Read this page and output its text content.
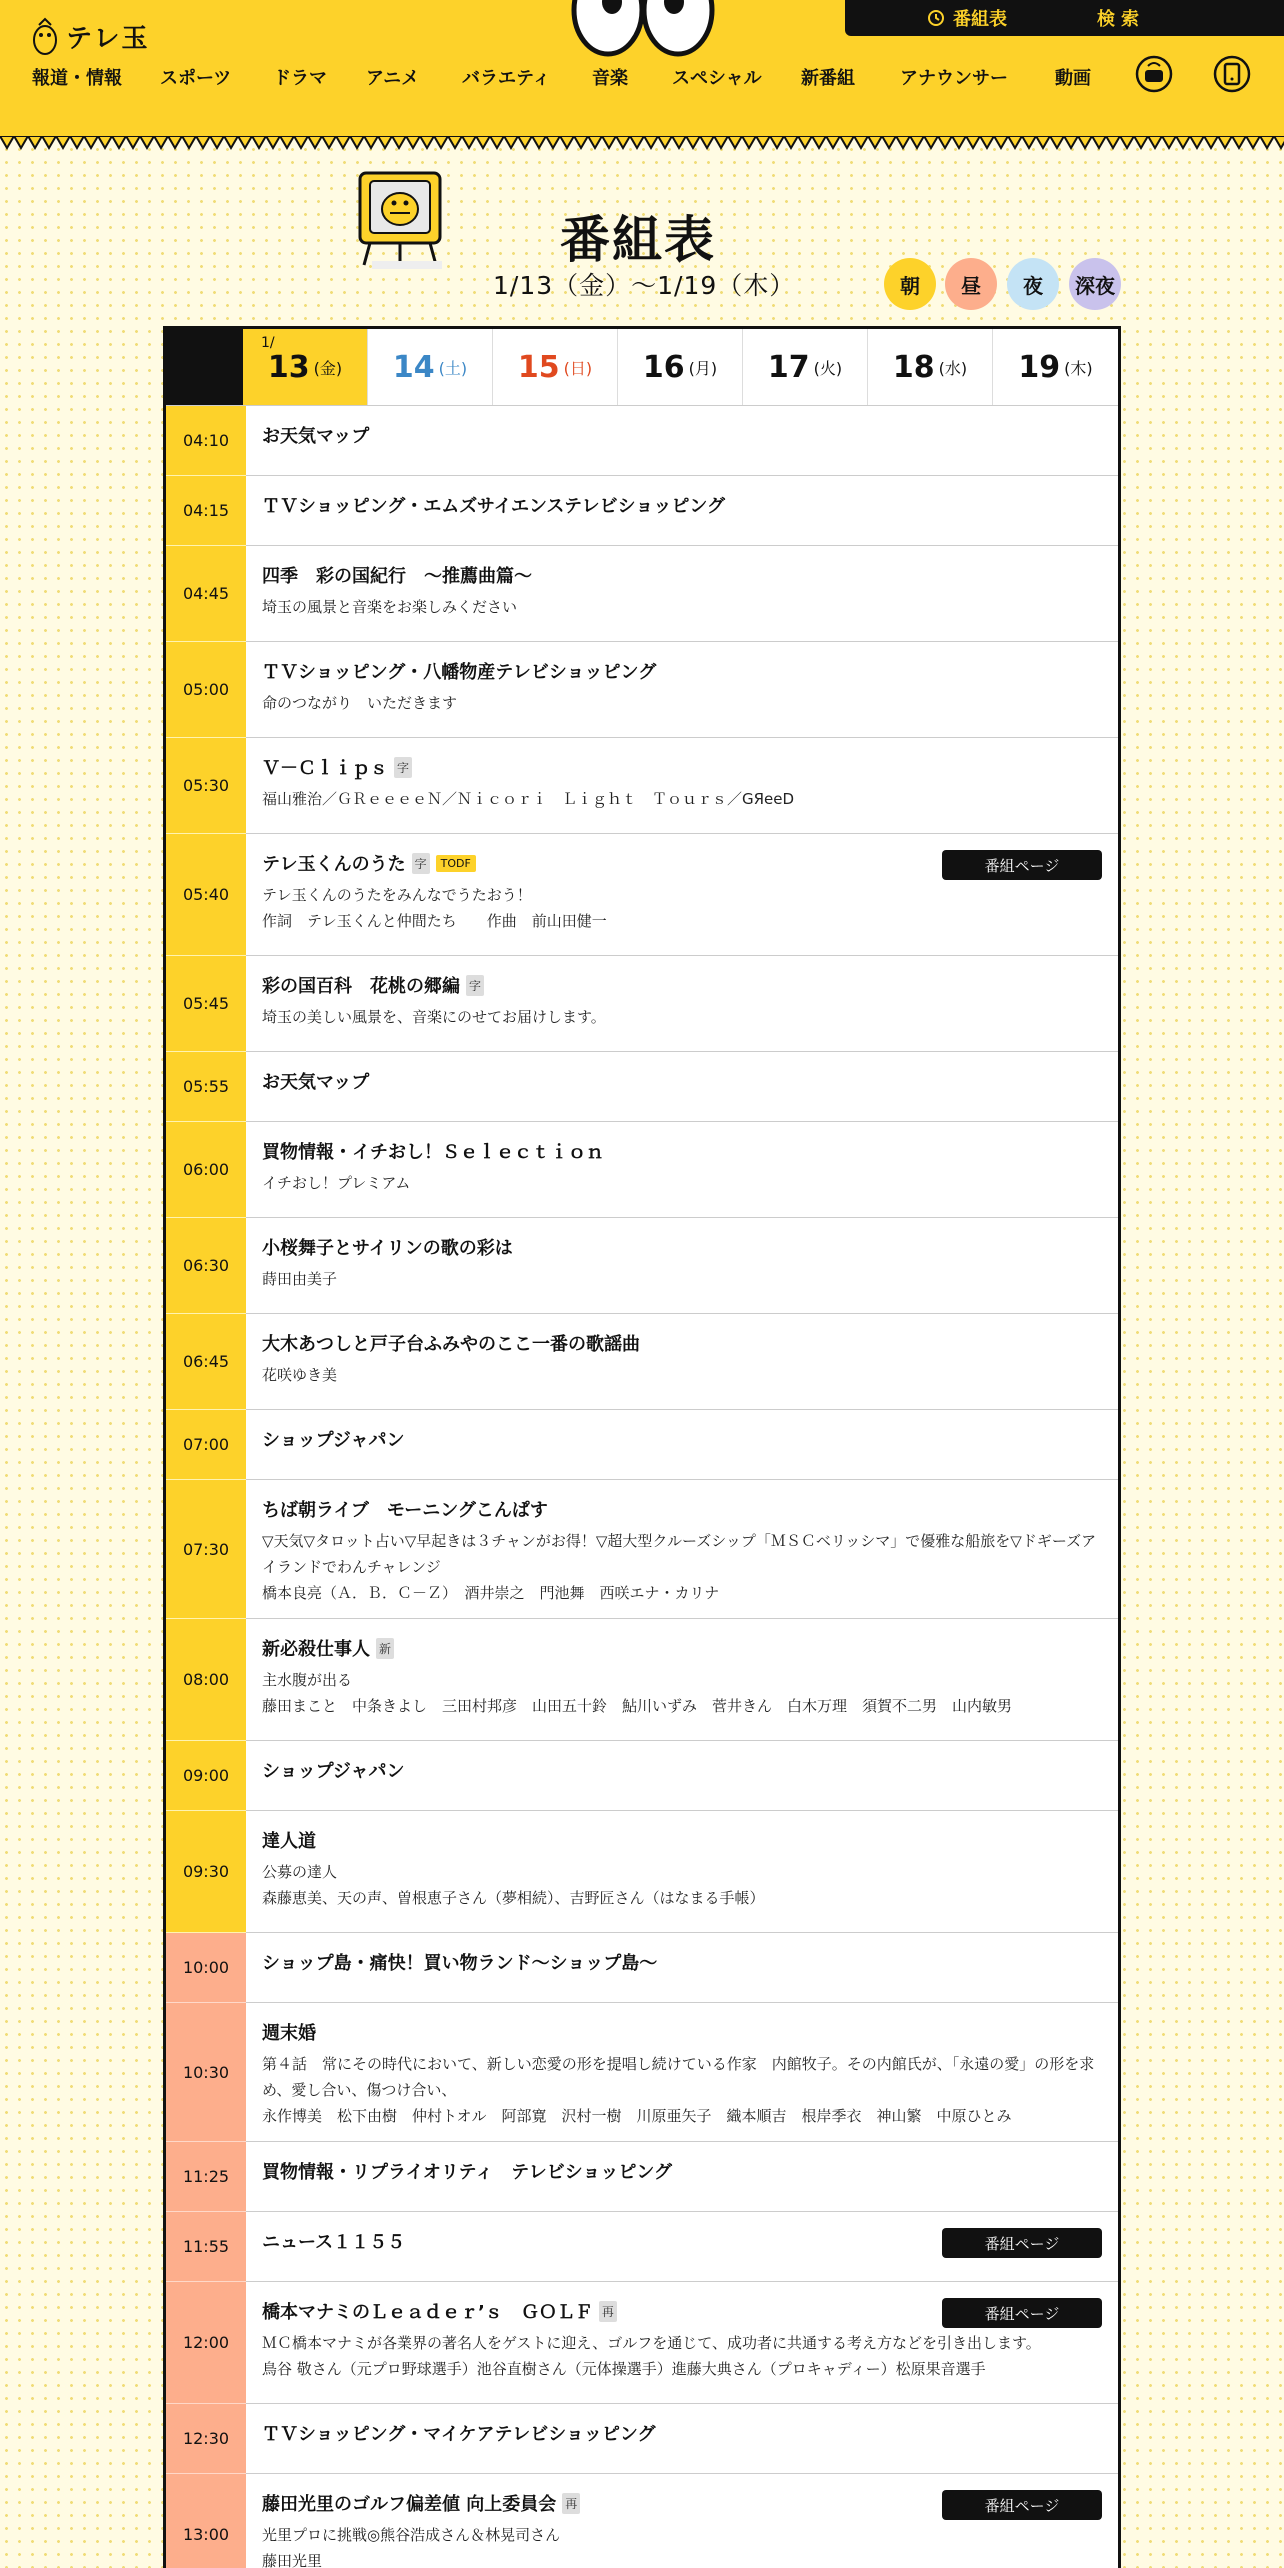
テレ玉
番組表	検索
報道・情報 スポーツ ドラマ アニメ バラエティ 音楽 スペシャル 新番組	アナウンサー	動画
番組表
1/13（金）〜1/19（木）	朝 昼 夜 深夜
1/
13 (金) 14 (土) 15 (日) 16 (月) 17 (火) 18 (水) 19 (木)
04:10	お天気マップ
04:15	ＴＶショッピング・エムズサイエンステレビショッピング
04:45
四季　彩の国紀行　～推薦曲篇～
埼玉の風景と音楽をお楽しみください
05:00
ＴＶショッピング・八幡物産テレビショッピング
命のつながり　いただきます
05:30
Ｖ－Ｃｌｉｐｓ 字
福山雅治／ＧＲｅｅｅｅＮ／Ｎｉｃｏｒｉ　Ｌｉｇｈｔ　Ｔｏｕｒｓ／GЯeeD
05:40
テレ玉くんのうた 字	TODF
テレ玉くんのうたをみんなでうたおう！
作詞　テレ玉くんと仲間たち　　作曲　前山田健一
番組ページ
05:45
彩の国百科　花桃の郷編 字
埼玉の美しい風景を、音楽にのせてお届けします。
05:55	お天気マップ
06:00
買物情報・イチおし！Ｓｅｌｅｃｔｉｏｎ
イチおし！プレミアム
06:30
小桜舞子とサイリンの歌の彩は
蒔田由美子
06:45
大木あつしと戸子台ふみやのここ一番の歌謡曲
花咲ゆき美
07:00	ショップジャパン
07:30
ちば朝ライブ　モーニングこんぱす
▽天気▽タロット占い▽早起きは３チャンがお得！▽超大型クルーズシップ「ＭＳＣベリッシマ」で優雅な船旅を▽ドギーズアイランドでわんチャレンジ
橋本良亮（Ａ．Ｂ．Ｃ－Ｚ）　酒井崇之　門池舞　西咲エナ・カリナ
08:00
新必殺仕事人 新
主水腹が出る
藤田まこと　中条きよし　三田村邦彦　山田五十鈴　鮎川いずみ　菅井きん　白木万理　須賀不二男　山内敏男
09:00	ショップジャパン
09:30
達人道
公募の達人
森藤恵美、天の声、曽根恵子さん（夢相続）、吉野匠さん（はなまる手帳）
10:00	ショップ島・痛快！買い物ランド～ショップ島～
10:30
週末婚
第４話　常にその時代において、新しい恋愛の形を提唱し続けている作家　内館牧子。その内館氏が、「永遠の愛」の形を求め、愛し合い、傷つけ合い、
永作博美　松下由樹　仲村トオル　阿部寛　沢村一樹　川原亜矢子　織本順吉　根岸季衣　神山繁　中原ひとみ
11:25	買物情報・リプライオリティ　テレビショッピング
11:55	ニュース１１５５	番組ページ
12:00
橋本マナミのＬｅａｄｅｒ’ｓ　ＧＯＬＦ 再
ＭＣ橋本マナミが各業界の著名人をゲストに迎え、ゴルフを通じて、成功者に共通する考え方などを引き出します。
鳥谷 敬さん（元プロ野球選手）池谷直樹さん（元体操選手）進藤大典さん（プロキャディー）松原果音選手
番組ページ
12:30	ＴＶショッピング・マイケアテレビショッピング
13:00
藤田光里のゴルフ偏差値 向上委員会 再
光里プロに挑戦◎熊谷浩成さん＆林晃司さん
藤田光里
番組ページ
